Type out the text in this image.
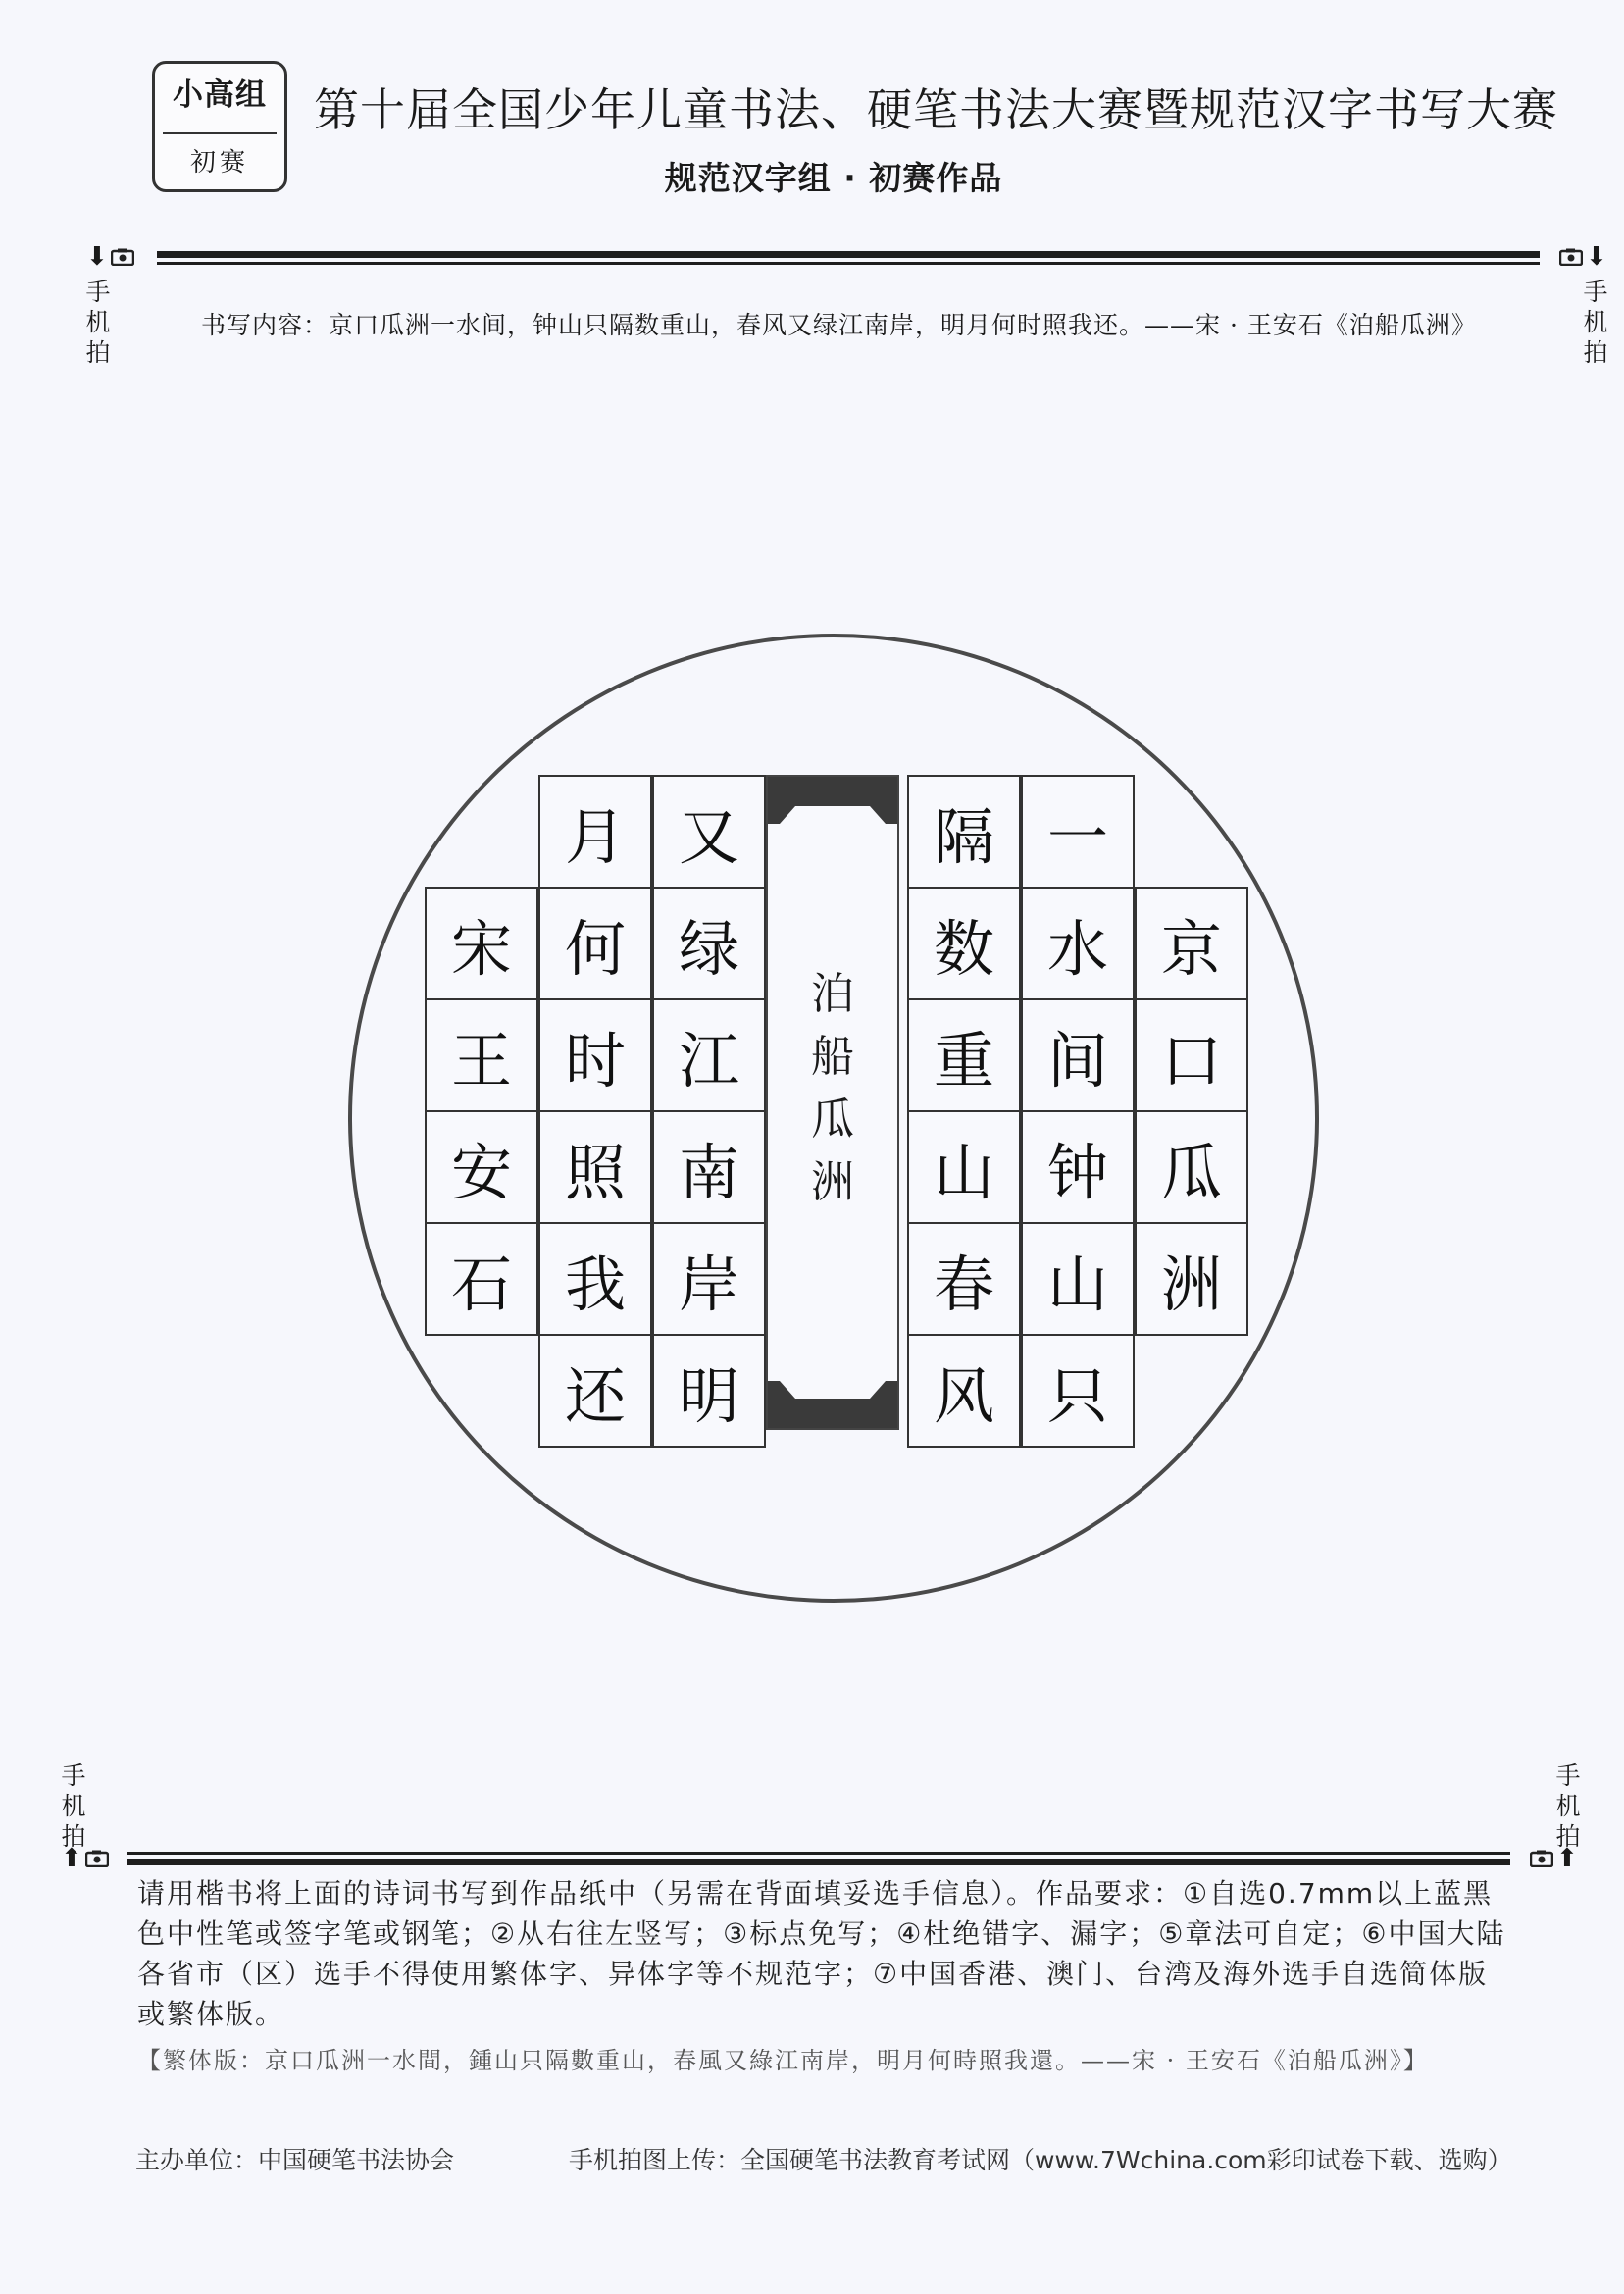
小高组
初赛
第十届全国少年儿童书法、硬笔书法大赛暨规范汉字书写大赛
规范汉字组 · 初赛作品
⬇
手机拍
⬇
手机拍
书写内容：京口瓜洲一水间，钟山只隔数重山，春风又绿江南岸，明月何时照我还。——宋 · 王安石《泊船瓜洲》
京
口
瓜
洲
一
水
间
钟
山
只
隔
数
重
山
春
风
又
绿
江
南
岸
明
月
何
时
照
我
还
宋
王
安
石
泊
船
瓜
洲
手机拍
⬆
手机拍
⬆
请用楷书将上面的诗词书写到作品纸中（另需在背面填妥选手信息）。作品要求：①自选0.7mm以上蓝黑色中性笔或签字笔或钢笔；②从右往左竖写；③标点免写；④杜绝错字、漏字；⑤章法可自定；⑥中国大陆各省市（区）选手不得使用繁体字、异体字等不规范字；⑦中国香港、澳门、台湾及海外选手自选简体版或繁体版。
【繁体版：京口瓜洲一水間，鍾山只隔數重山，春風又綠江南岸，明月何時照我還。——宋 · 王安石《泊船瓜洲》】
主办单位：中国硬笔书法协会	手机拍图上传：全国硬笔书法教育考试网（www.7Wchina.com彩印试卷下载、选购）
